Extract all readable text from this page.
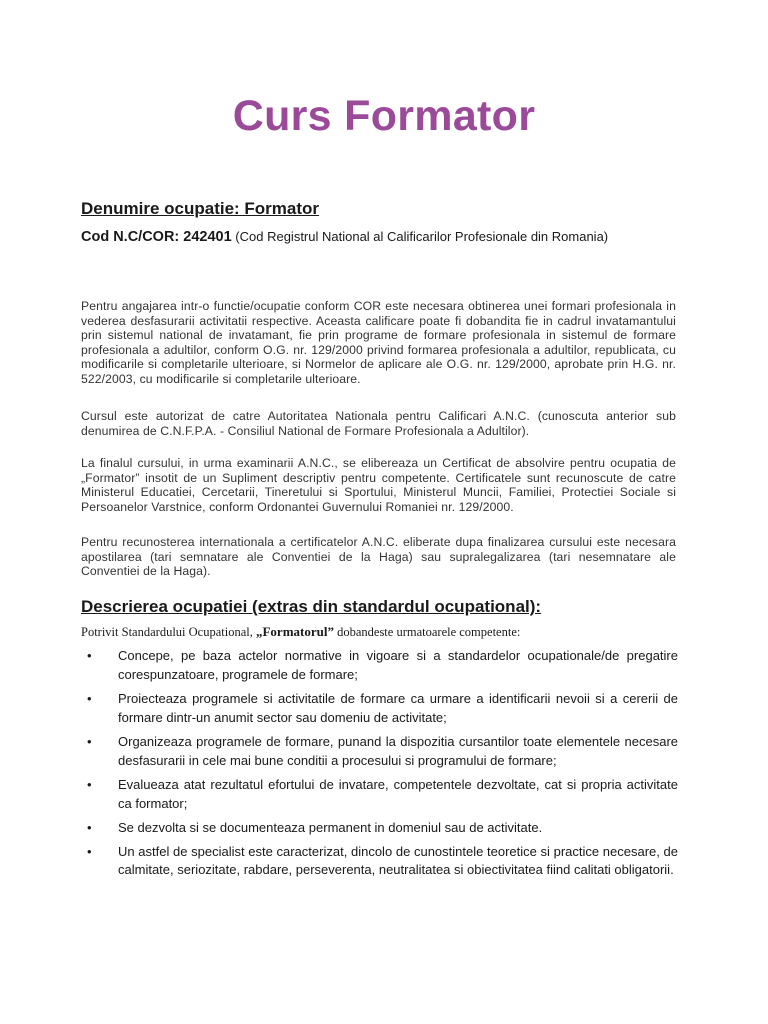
Curs Formator
Denumire ocupatie: Formator
Cod N.C/COR: 242401 (Cod Registrul National al Calificarilor Profesionale din Romania)
Pentru angajarea intr-o functie/ocupatie conform COR este necesara obtinerea unei formari profesionala in vederea desfasurarii activitatii respective. Aceasta calificare poate fi dobandita fie in cadrul invatamantului prin sistemul national de invatamant, fie prin programe de formare profesionala in sistemul de formare profesionala a adultilor, conform O.G. nr. 129/2000 privind formarea profesionala a adultilor, republicata, cu modificarile si completarile ulterioare, si Normelor de aplicare ale O.G. nr. 129/2000, aprobate prin H.G. nr. 522/2003, cu modificarile si completarile ulterioare.
Cursul este autorizat de catre Autoritatea Nationala pentru Calificari A.N.C. (cunoscuta anterior sub denumirea de C.N.F.P.A. - Consiliul National de Formare Profesionala a Adultilor).
La finalul cursului, in urma examinarii A.N.C., se elibereaza un Certificat de absolvire pentru ocupatia de „Formator” insotit de un Supliment descriptiv pentru competente. Certificatele sunt recunoscute de catre Ministerul Educatiei, Cercetarii, Tineretului si Sportului, Ministerul Muncii, Familiei, Protectiei Sociale si Persoanelor Varstnice, conform Ordonantei Guvernului Romaniei nr. 129/2000.
Pentru recunosterea internationala a certificatelor A.N.C. eliberate dupa finalizarea cursului este necesara apostilarea (tari semnatare ale Conventiei de la Haga) sau supralegalizarea (tari nesemnatare ale Conventiei de la Haga).
Descrierea ocupatiei (extras din standardul ocupational):
Potrivit Standardului Ocupational, „Formatorul” dobandeste urmatoarele competente:
• Concepe, pe baza actelor normative in vigoare si a standardelor ocupationale/de pregatire corespunzatoare, programele de formare;
• Proiecteaza programele si activitatile de formare ca urmare a identificarii nevoii si a cererii de formare dintr-un anumit sector sau domeniu de activitate;
• Organizeaza programele de formare, punand la dispozitia cursantilor toate elementele necesare desfasurarii in cele mai bune conditii a procesului si programului de formare;
• Evalueaza atat rezultatul efortului de invatare, competentele dezvoltate, cat si propria activitate ca formator;
• Se dezvolta si se documenteaza permanent in domeniul sau de activitate.
• Un astfel de specialist este caracterizat, dincolo de cunostintele teoretice si practice necesare, de calmitate, seriozitate, rabdare, perseverenta, neutralitatea si obiectivitatea fiind calitati obligatorii.
